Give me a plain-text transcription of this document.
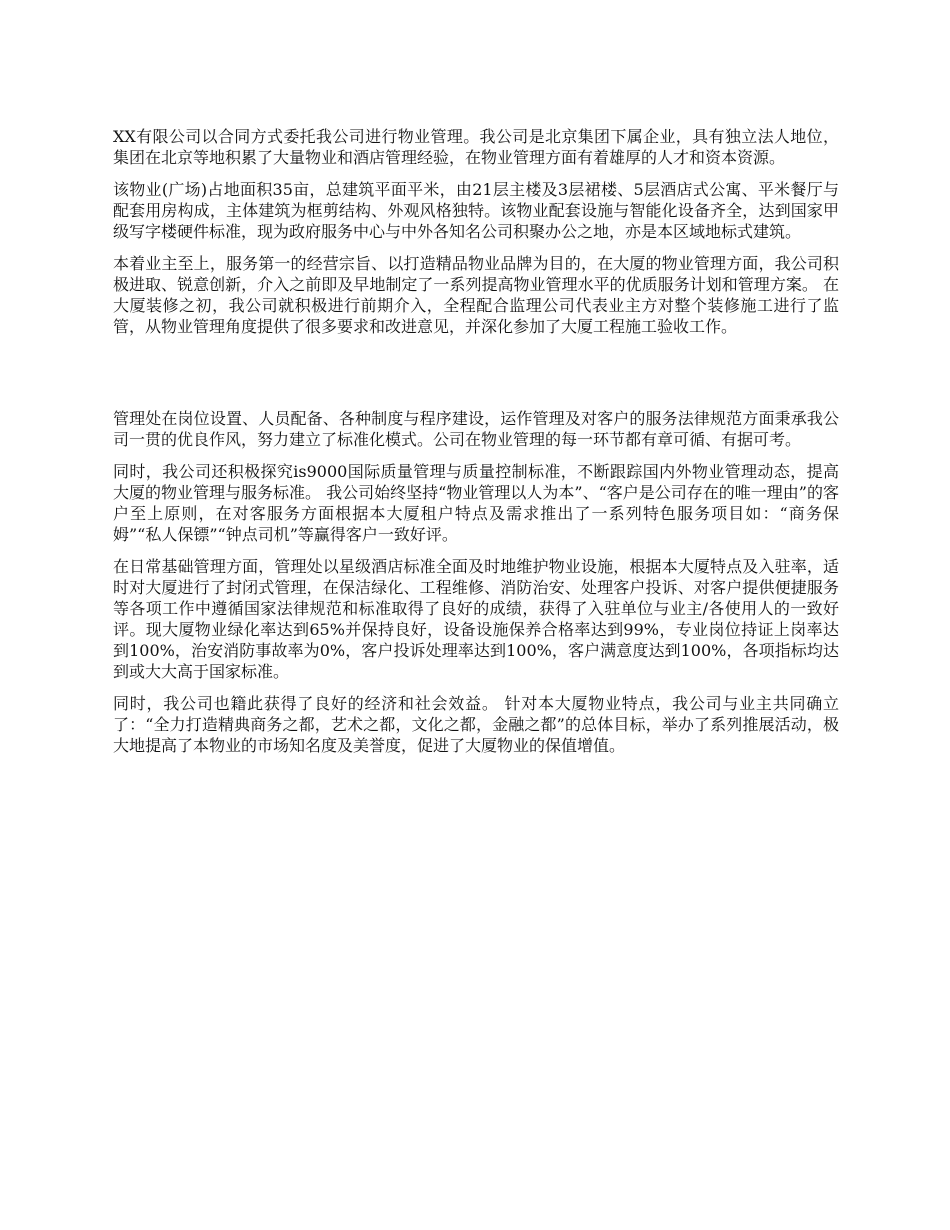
XX有限公司以合同方式委托我公司进行物业管理。我公司是北京集团下属企业，具有独立法人地位，集团在北京等地积累了大量物业和酒店管理经验，在物业管理方面有着雄厚的人才和资本资源。

该物业(广场)占地面积35亩，总建筑平面平米，由21层主楼及3层裙楼、5层酒店式公寓、平米餐厅与配套用房构成，主体建筑为框剪结构、外观风格独特。该物业配套设施与智能化设备齐全，达到国家甲级写字楼硬件标准，现为政府服务中心与中外各知名公司积聚办公之地，亦是本区域地标式建筑。

本着业主至上，服务第一的经营宗旨、以打造精品物业品牌为目的，在大厦的物业管理方面，我公司积极进取、锐意创新，介入之前即及早地制定了一系列提高物业管理水平的优质服务计划和管理方案。 在大厦装修之初，我公司就积极进行前期介入，全程配合监理公司代表业主方对整个装修施工进行了监管，从物业管理角度提供了很多要求和改进意见，并深化参加了大厦工程施工验收工作。

管理处在岗位设置、人员配备、各种制度与程序建设，运作管理及对客户的服务法律规范方面秉承我公司一贯的优良作风，努力建立了标准化模式。公司在物业管理的每一环节都有章可循、有据可考。

同时，我公司还积极探究is9000国际质量管理与质量控制标准，不断跟踪国内外物业管理动态，提高大厦的物业管理与服务标准。 我公司始终坚持“物业管理以人为本”、“客户是公司存在的唯一理由”的客户至上原则，在对客服务方面根据本大厦租户特点及需求推出了一系列特色服务项目如：“商务保姆”“私人保镖”“钟点司机”等赢得客户一致好评。

在日常基础管理方面，管理处以星级酒店标准全面及时地维护物业设施，根据本大厦特点及入驻率，适时对大厦进行了封闭式管理，在保洁绿化、工程维修、消防治安、处理客户投诉、对客户提供便捷服务等各项工作中遵循国家法律规范和标准取得了良好的成绩，获得了入驻单位与业主/各使用人的一致好评。现大厦物业绿化率达到65%并保持良好，设备设施保养合格率达到99%，专业岗位持证上岗率达到100%，治安消防事故率为0%，客户投诉处理率达到100%，客户满意度达到100%，各项指标均达到或大大高于国家标准。

同时，我公司也籍此获得了良好的经济和社会效益。 针对本大厦物业特点，我公司与业主共同确立了：“全力打造精典商务之都，艺术之都，文化之都，金融之都”的总体目标，举办了系列推展活动，极大地提高了本物业的市场知名度及美誉度，促进了大厦物业的保值增值。
